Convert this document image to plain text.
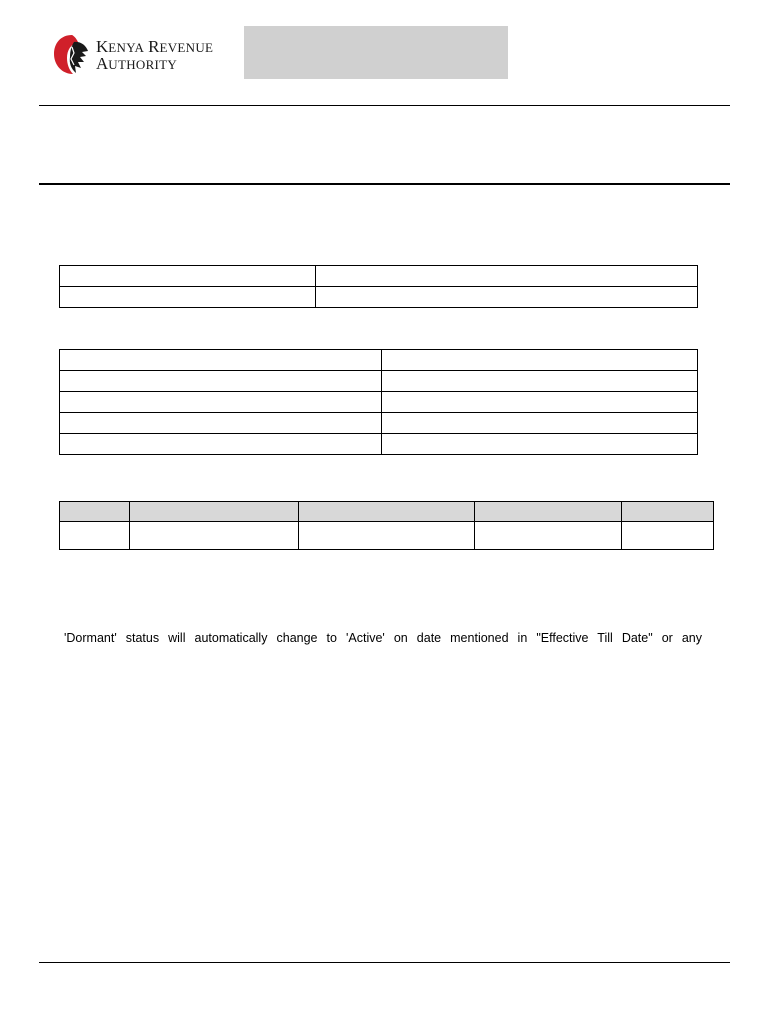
KENYA REVENUE
AUTHORITY

'Dormant' status will automatically change to 'Active' on date mentioned in "Effective Till Date" or any
